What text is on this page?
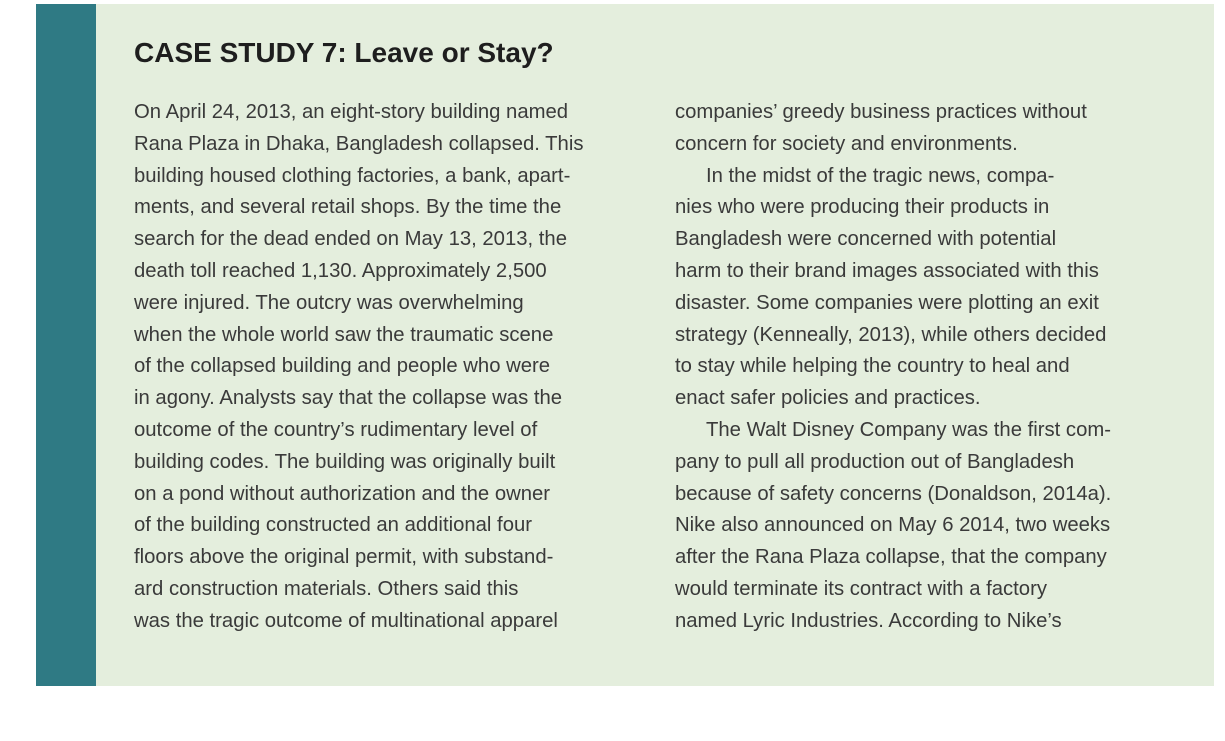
CASE STUDY 7: Leave or Stay?
On April 24, 2013, an eight-story building named
Rana Plaza in Dhaka, Bangladesh collapsed. This
building housed clothing factories, a bank, apart-
ments, and several retail shops. By the time the
search for the dead ended on May 13, 2013, the
death toll reached 1,130. Approximately 2,500
were injured. The outcry was overwhelming
when the whole world saw the traumatic scene
of the collapsed building and people who were
in agony. Analysts say that the collapse was the
outcome of the country’s rudimentary level of
building codes. The building was originally built
on a pond without authorization and the owner
of the building constructed an additional four
floors above the original permit, with substand-
ard construction materials. Others said this
was the tragic outcome of multinational apparel
companies’ greedy business practices without
concern for society and environments.
In the midst of the tragic news, compa-
nies who were producing their products in
Bangladesh were concerned with potential
harm to their brand images associated with this
disaster. Some companies were plotting an exit
strategy (Kenneally, 2013), while others decided
to stay while helping the country to heal and
enact safer policies and practices.
The Walt Disney Company was the first com-
pany to pull all production out of Bangladesh
because of safety concerns (Donaldson, 2014a).
Nike also announced on May 6 2014, two weeks
after the Rana Plaza collapse, that the company
would terminate its contract with a factory
named Lyric Industries. According to Nike’s
